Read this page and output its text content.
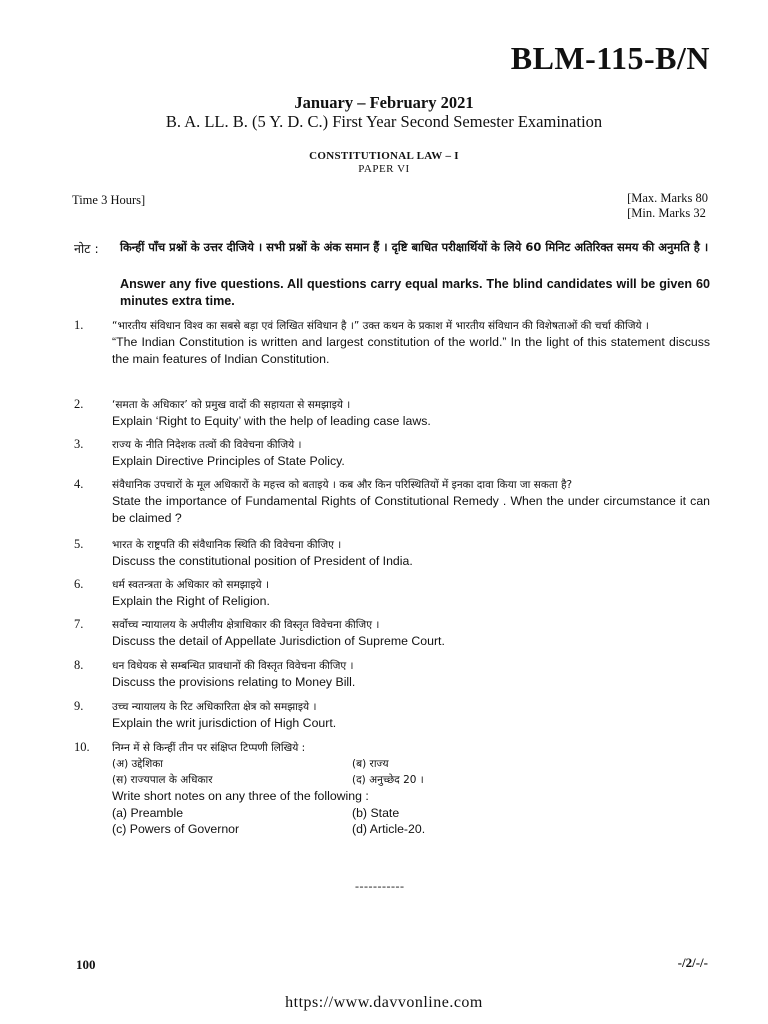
BLM-115-B/N
January – February 2021
B. A. LL. B. (5 Y. D. C.) First Year Second Semester Examination
CONSTITUTIONAL LAW – I
PAPER VI
Time 3 Hours]	[Max. Marks 80
[Min. Marks 32
नोट : किन्हीं पाँच प्रश्नों के उत्तर दीजिये । सभी प्रश्नों के अंक समान हैं । दृष्टि बाधित परीक्षार्थियों के लिये 60 मिनिट अतिरिक्त समय की अनुमति है ।
Answer any five questions. All questions carry equal marks. The blind candidates will be given 60 minutes extra time.
1.	“भारतीय संविधान विश्व का सबसे बड़ा एवं लिखित संविधान है ।” उक्त कथन के प्रकाश में भारतीय संविधान की विशेषताओं की चर्चा कीजिये ।
“The Indian Constitution is written and largest constitution of the world.” In the light of this statement discuss the main features of Indian Constitution.
2.	‘समता के अधिकार’ को प्रमुख वादों की सहायता से समझाइये ।
Explain ‘Right to Equity’ with the help of leading case laws.
3.	राज्य के नीति निदेशक तत्वों की विवेचना कीजिये ।
Explain Directive Principles of State Policy.
4.	संवैधानिक उपचारों के मूल अधिकारों के महत्त्व को बताइये । कब और किन परिस्थितियों में इनका दावा किया जा सकता है?
State the importance of Fundamental Rights of Constitutional Remedy . When the under circumstance it can be claimed ?
5.	भारत के राष्ट्रपति की संवैधानिक स्थिति की विवेचना कीजिए ।
Discuss the constitutional position of President of India.
6.	धर्म स्वतन्त्रता के अधिकार को समझाइये ।
Explain the Right of Religion.
7.	सर्वोच्च न्यायालय के अपीलीय क्षेत्राधिकार की विस्तृत विवेचना कीजिए ।
Discuss the detail of Appellate Jurisdiction of Supreme Court.
8.	धन विधेयक से सम्बन्धित प्रावधानों की विस्तृत विवेचना कीजिए ।
Discuss the provisions relating to Money Bill.
9.	उच्च न्यायालय के रिट अधिकारिता क्षेत्र को समझाइये ।
Explain the writ jurisdiction of High Court.
10. निम्न में से किन्हीं तीन पर संक्षिप्त टिप्पणी लिखिये :
(अ) उद्देशिका	(ब) राज्य
(स) राज्यपाल के अधिकार	(द) अनुच्छेद 20 ।
Write short notes on any three of the following :
(a) Preamble	(b) State
(c) Powers of Governor	(d) Article-20.
-----------
100	-/2/-/-
https://www.davvonline.com
